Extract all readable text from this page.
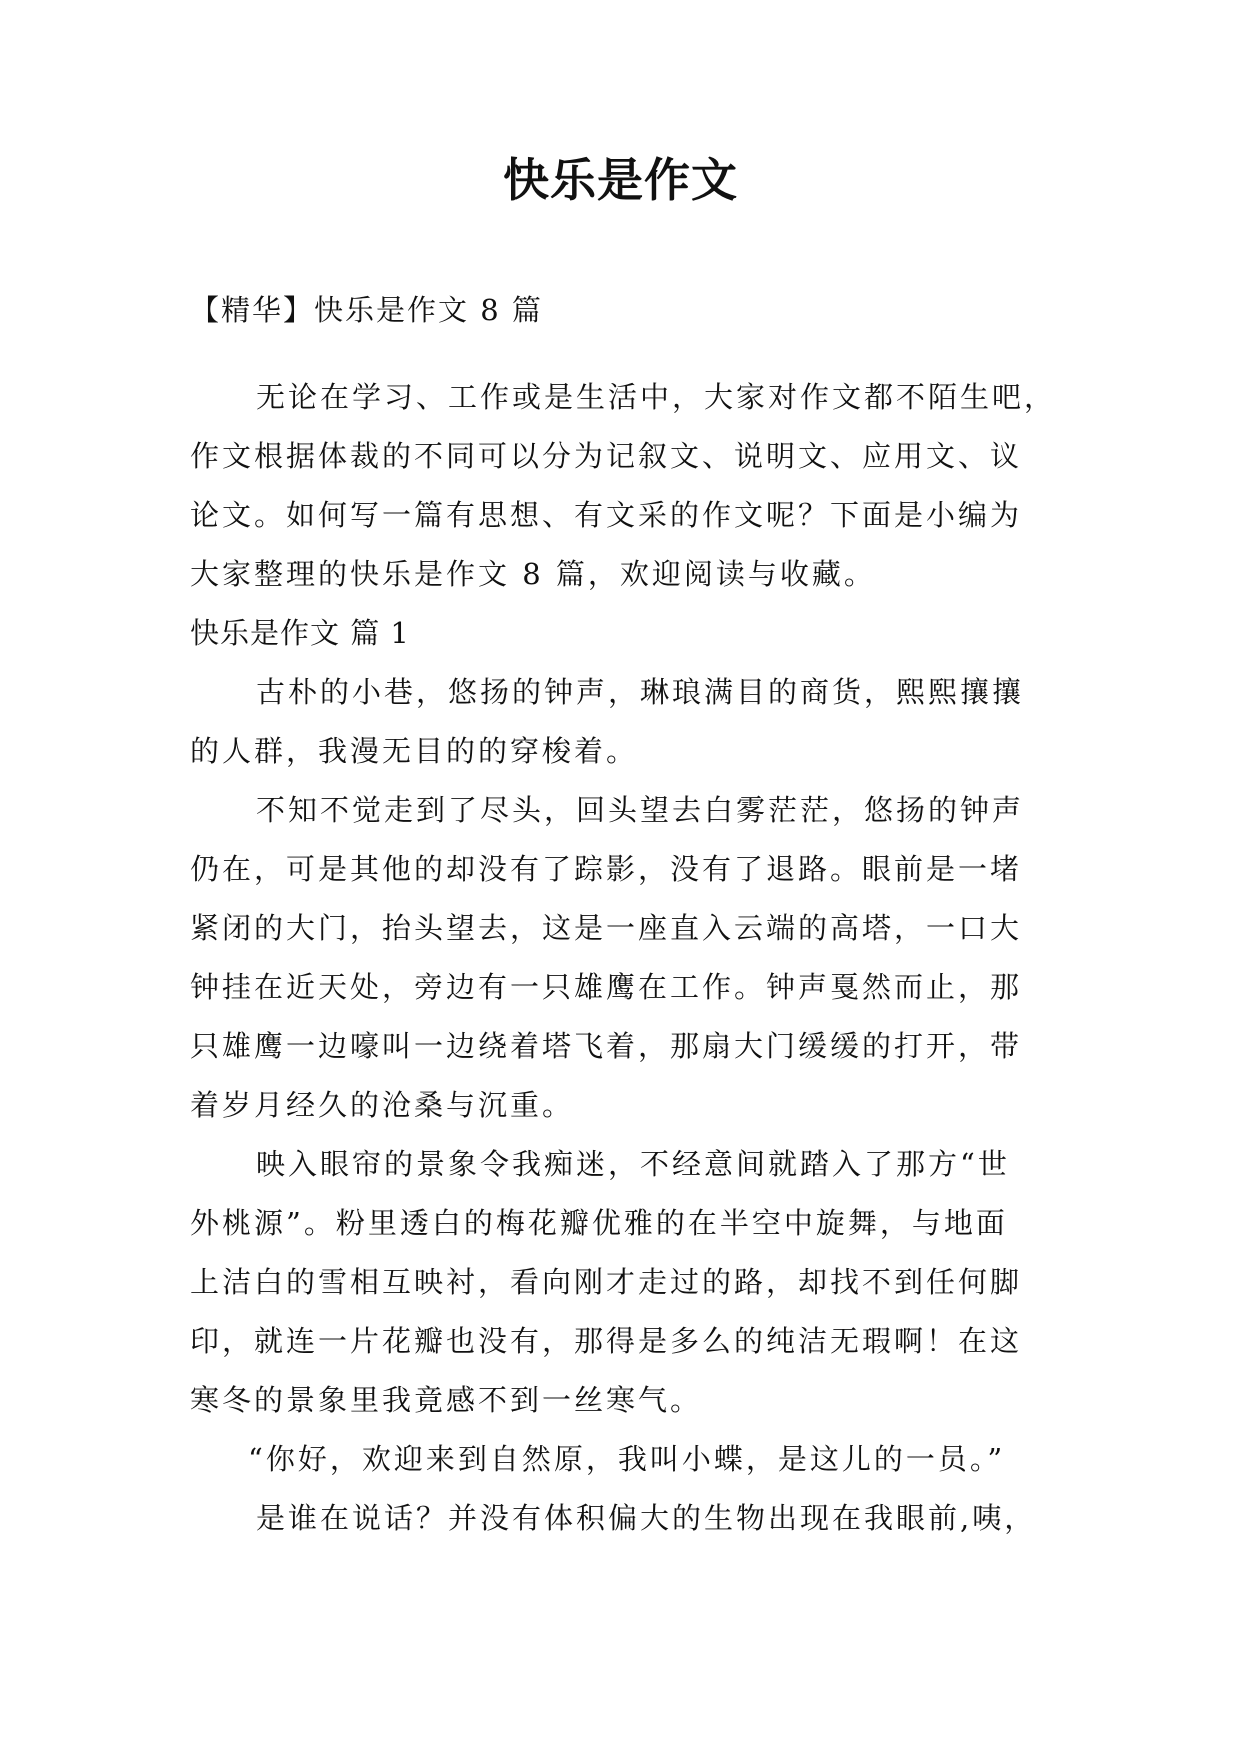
快乐是作文
【精华】快乐是作文 8 篇
无论在学习、工作或是生活中，大家对作文都不陌生吧，
作文根据体裁的不同可以分为记叙文、说明文、应用文、议
论文。如何写一篇有思想、有文采的作文呢？下面是小编为
大家整理的快乐是作文 8 篇，欢迎阅读与收藏。
快乐是作文 篇 1
古朴的小巷，悠扬的钟声，琳琅满目的商货，熙熙攘攘
的人群，我漫无目的的穿梭着。
不知不觉走到了尽头，回头望去白雾茫茫，悠扬的钟声
仍在，可是其他的却没有了踪影，没有了退路。眼前是一堵
紧闭的大门，抬头望去，这是一座直入云端的高塔，一口大
钟挂在近天处，旁边有一只雄鹰在工作。钟声戛然而止，那
只雄鹰一边嚎叫一边绕着塔飞着，那扇大门缓缓的打开，带
着岁月经久的沧桑与沉重。
映入眼帘的景象令我痴迷，不经意间就踏入了那方“世
外桃源”。粉里透白的梅花瓣优雅的在半空中旋舞，与地面
上洁白的雪相互映衬，看向刚才走过的路，却找不到任何脚
印，就连一片花瓣也没有，那得是多么的纯洁无瑕啊！在这
寒冬的景象里我竟感不到一丝寒气。
“你好，欢迎来到自然原，我叫小蝶，是这儿的一员。”
是谁在说话？并没有体积偏大的生物出现在我眼前,咦，
